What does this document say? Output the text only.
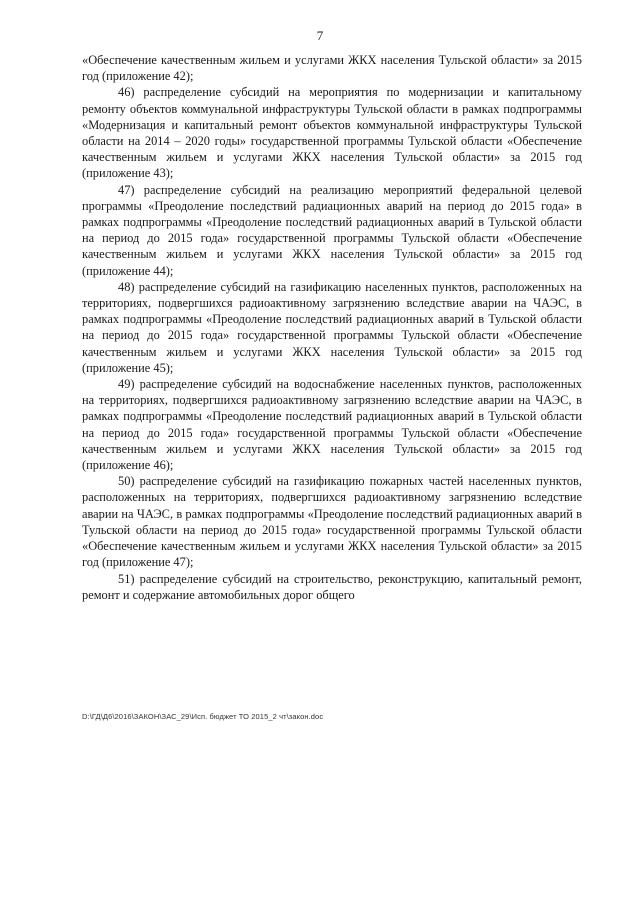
7

«Обеспечение качественным жильем и услугами ЖКХ населения Тульской области» за 2015 год (приложение 42);

46) распределение субсидий на мероприятия по модернизации и капитальному ремонту объектов коммунальной инфраструктуры Тульской области в рамках подпрограммы «Модернизация и капитальный ремонт объектов коммунальной инфраструктуры Тульской области на 2014 – 2020 годы» государственной программы Тульской области «Обеспечение качественным жильем и услугами ЖКХ населения Тульской области» за 2015 год (приложение 43);

47) распределение субсидий на реализацию мероприятий федеральной целевой программы «Преодоление последствий радиационных аварий на период до 2015 года» в рамках подпрограммы «Преодоление последствий радиационных аварий в Тульской области на период до 2015 года» государственной программы Тульской области «Обеспечение качественным жильем и услугами ЖКХ населения Тульской области» за 2015 год (приложение 44);

48) распределение субсидий на газификацию населенных пунктов, расположенных на территориях, подвергшихся радиоактивному загрязнению вследствие аварии на ЧАЭС, в рамках подпрограммы «Преодоление последствий радиационных аварий в Тульской области на период до 2015 года» государственной программы Тульской области «Обеспечение качественным жильем и услугами ЖКХ населения Тульской области» за 2015 год (приложение 45);

49) распределение субсидий на водоснабжение населенных пунктов, расположенных на территориях, подвергшихся радиоактивному загрязнению вследствие аварии на ЧАЭС, в рамках подпрограммы «Преодоление последствий радиационных аварий в Тульской области на период до 2015 года» государственной программы Тульской области «Обеспечение качественным жильем и услугами ЖКХ населения Тульской области» за 2015 год (приложение 46);

50) распределение субсидий на газификацию пожарных частей населенных пунктов, расположенных на территориях, подвергшихся радиоактивному загрязнению вследствие аварии на ЧАЭС, в рамках подпрограммы «Преодоление последствий радиационных аварий в Тульской области на период до 2015 года» государственной программы Тульской области «Обеспечение качественным жильем и услугами ЖКХ населения Тульской области» за 2015 год (приложение 47);

51) распределение субсидий на строительство, реконструкцию, капитальный ремонт, ремонт и содержание автомобильных дорог общего

D:\ГД\Д6\2016\ЗАКОН\ЗАС_29\Исп. бюджет ТО 2015_2 чт\закон.doc
